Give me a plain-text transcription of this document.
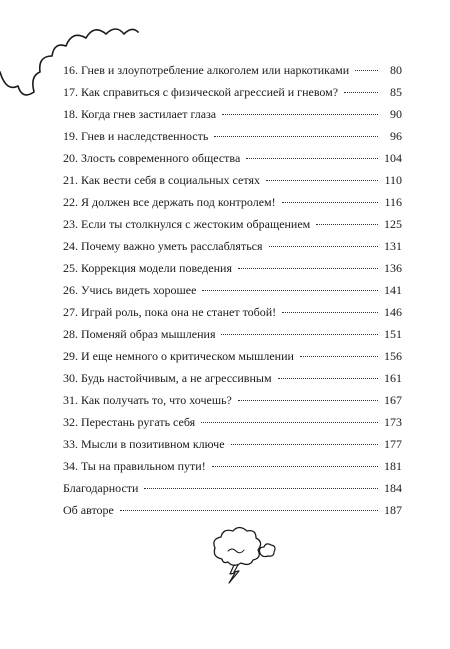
16. Гнев и злоупотребление алкоголем или наркотиками	80
17. Как справиться с физической агрессией и гневом?	85
18. Когда гнев застилает глаза	90
19. Гнев и наследственность	96
20. Злость современного общества	104
21. Как вести себя в социальных сетях	110
22. Я должен все держать под контролем!	116
23. Если ты столкнулся с жестоким обращением	125
24. Почему важно уметь расслабляться	131
25. Коррекция модели поведения	136
26. Учись видеть хорошее	141
27. Играй роль, пока она не станет тобой!	146
28. Поменяй образ мышления	151
29. И еще немного о критическом мышлении	156
30. Будь настойчивым, а не агрессивным	161
31. Как получать то, что хочешь?	167
32. Перестань ругать себя	173
33. Мысли в позитивном ключе	177
34. Ты на правильном пути!	181
Благодарности	184
Об авторе	187
